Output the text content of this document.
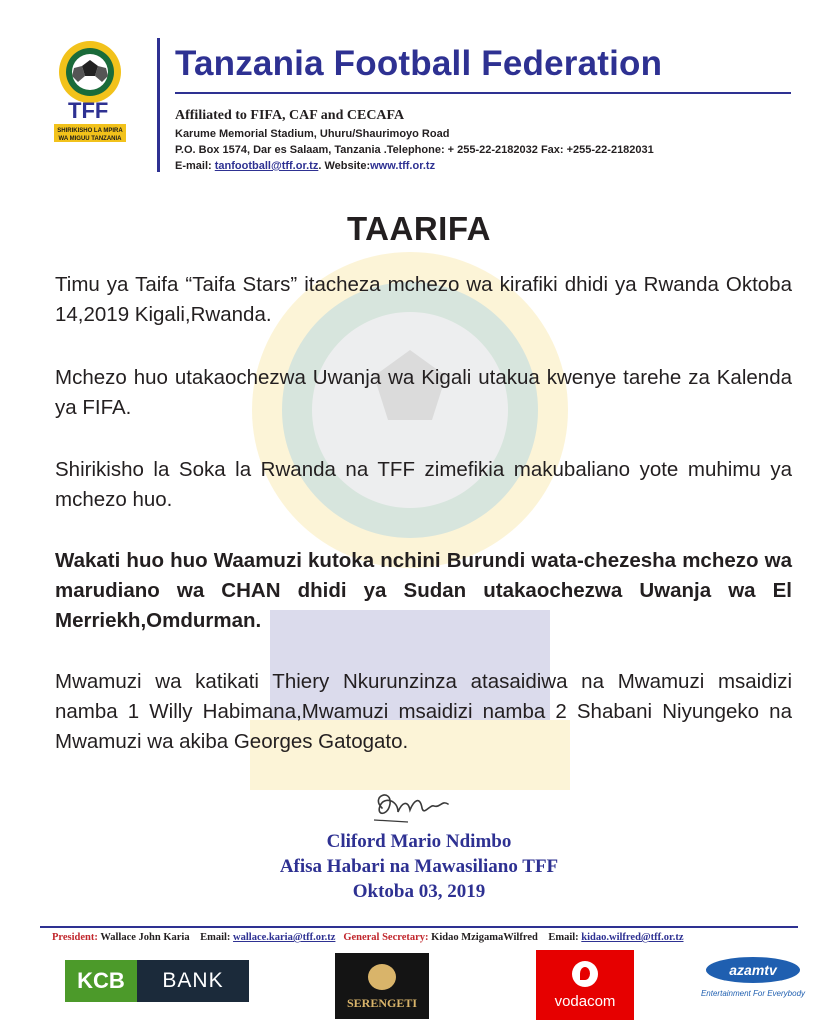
TFF
SHIRIKISHO LA MPIRA
WA MIGUU TANZANIA
Tanzania Football Federation
Affiliated to FIFA, CAF and CECAFA
Karume Memorial Stadium, Uhuru/Shaurimoyo Road
P.O. Box 1574, Dar es Salaam, Tanzania .Telephone: + 255-22-2182032 Fax: +255-22-2182031
E-mail: tanfootball@tff.or.tz. Website:www.tff.or.tz
TAARIFA

Timu ya Taifa “Taifa Stars” itacheza mchezo wa kirafiki dhidi ya Rwanda Oktoba 14,2019 Kigali,Rwanda.

Mchezo huo utakaochezwa Uwanja wa Kigali utakua kwenye tarehe za Kalenda ya FIFA.

Shirikisho la Soka la Rwanda na TFF zimefikia makubaliano yote muhimu ya mchezo huo.

Wakati huo huo Waamuzi kutoka nchini Burundi wata-chezesha mchezo wa marudiano wa CHAN dhidi ya Sudan utakaochezwa Uwanja wa El Merriekh,Omdurman.

Mwamuzi wa katikati Thiery Nkurunzinza atasaidiwa na Mwamuzi msaidizi namba 1 Willy Habimana,Mwamuzi msaidizi namba 2 Shabani Niyungeko na Mwamuzi wa akiba Georges Gatogato.

Cliford Mario Ndimbo
Afisa Habari na Mawasiliano TFF
Oktoba 03, 2019
President: Wallace John Karia Email: wallace.karia@tff.or.tz General Secretary: Kidao MzigamaWilfred Email: kidao.wilfred@tff.or.tz
KCB	BANK
SERENGETI	vodacom
azamtv
Entertainment For Everybody
